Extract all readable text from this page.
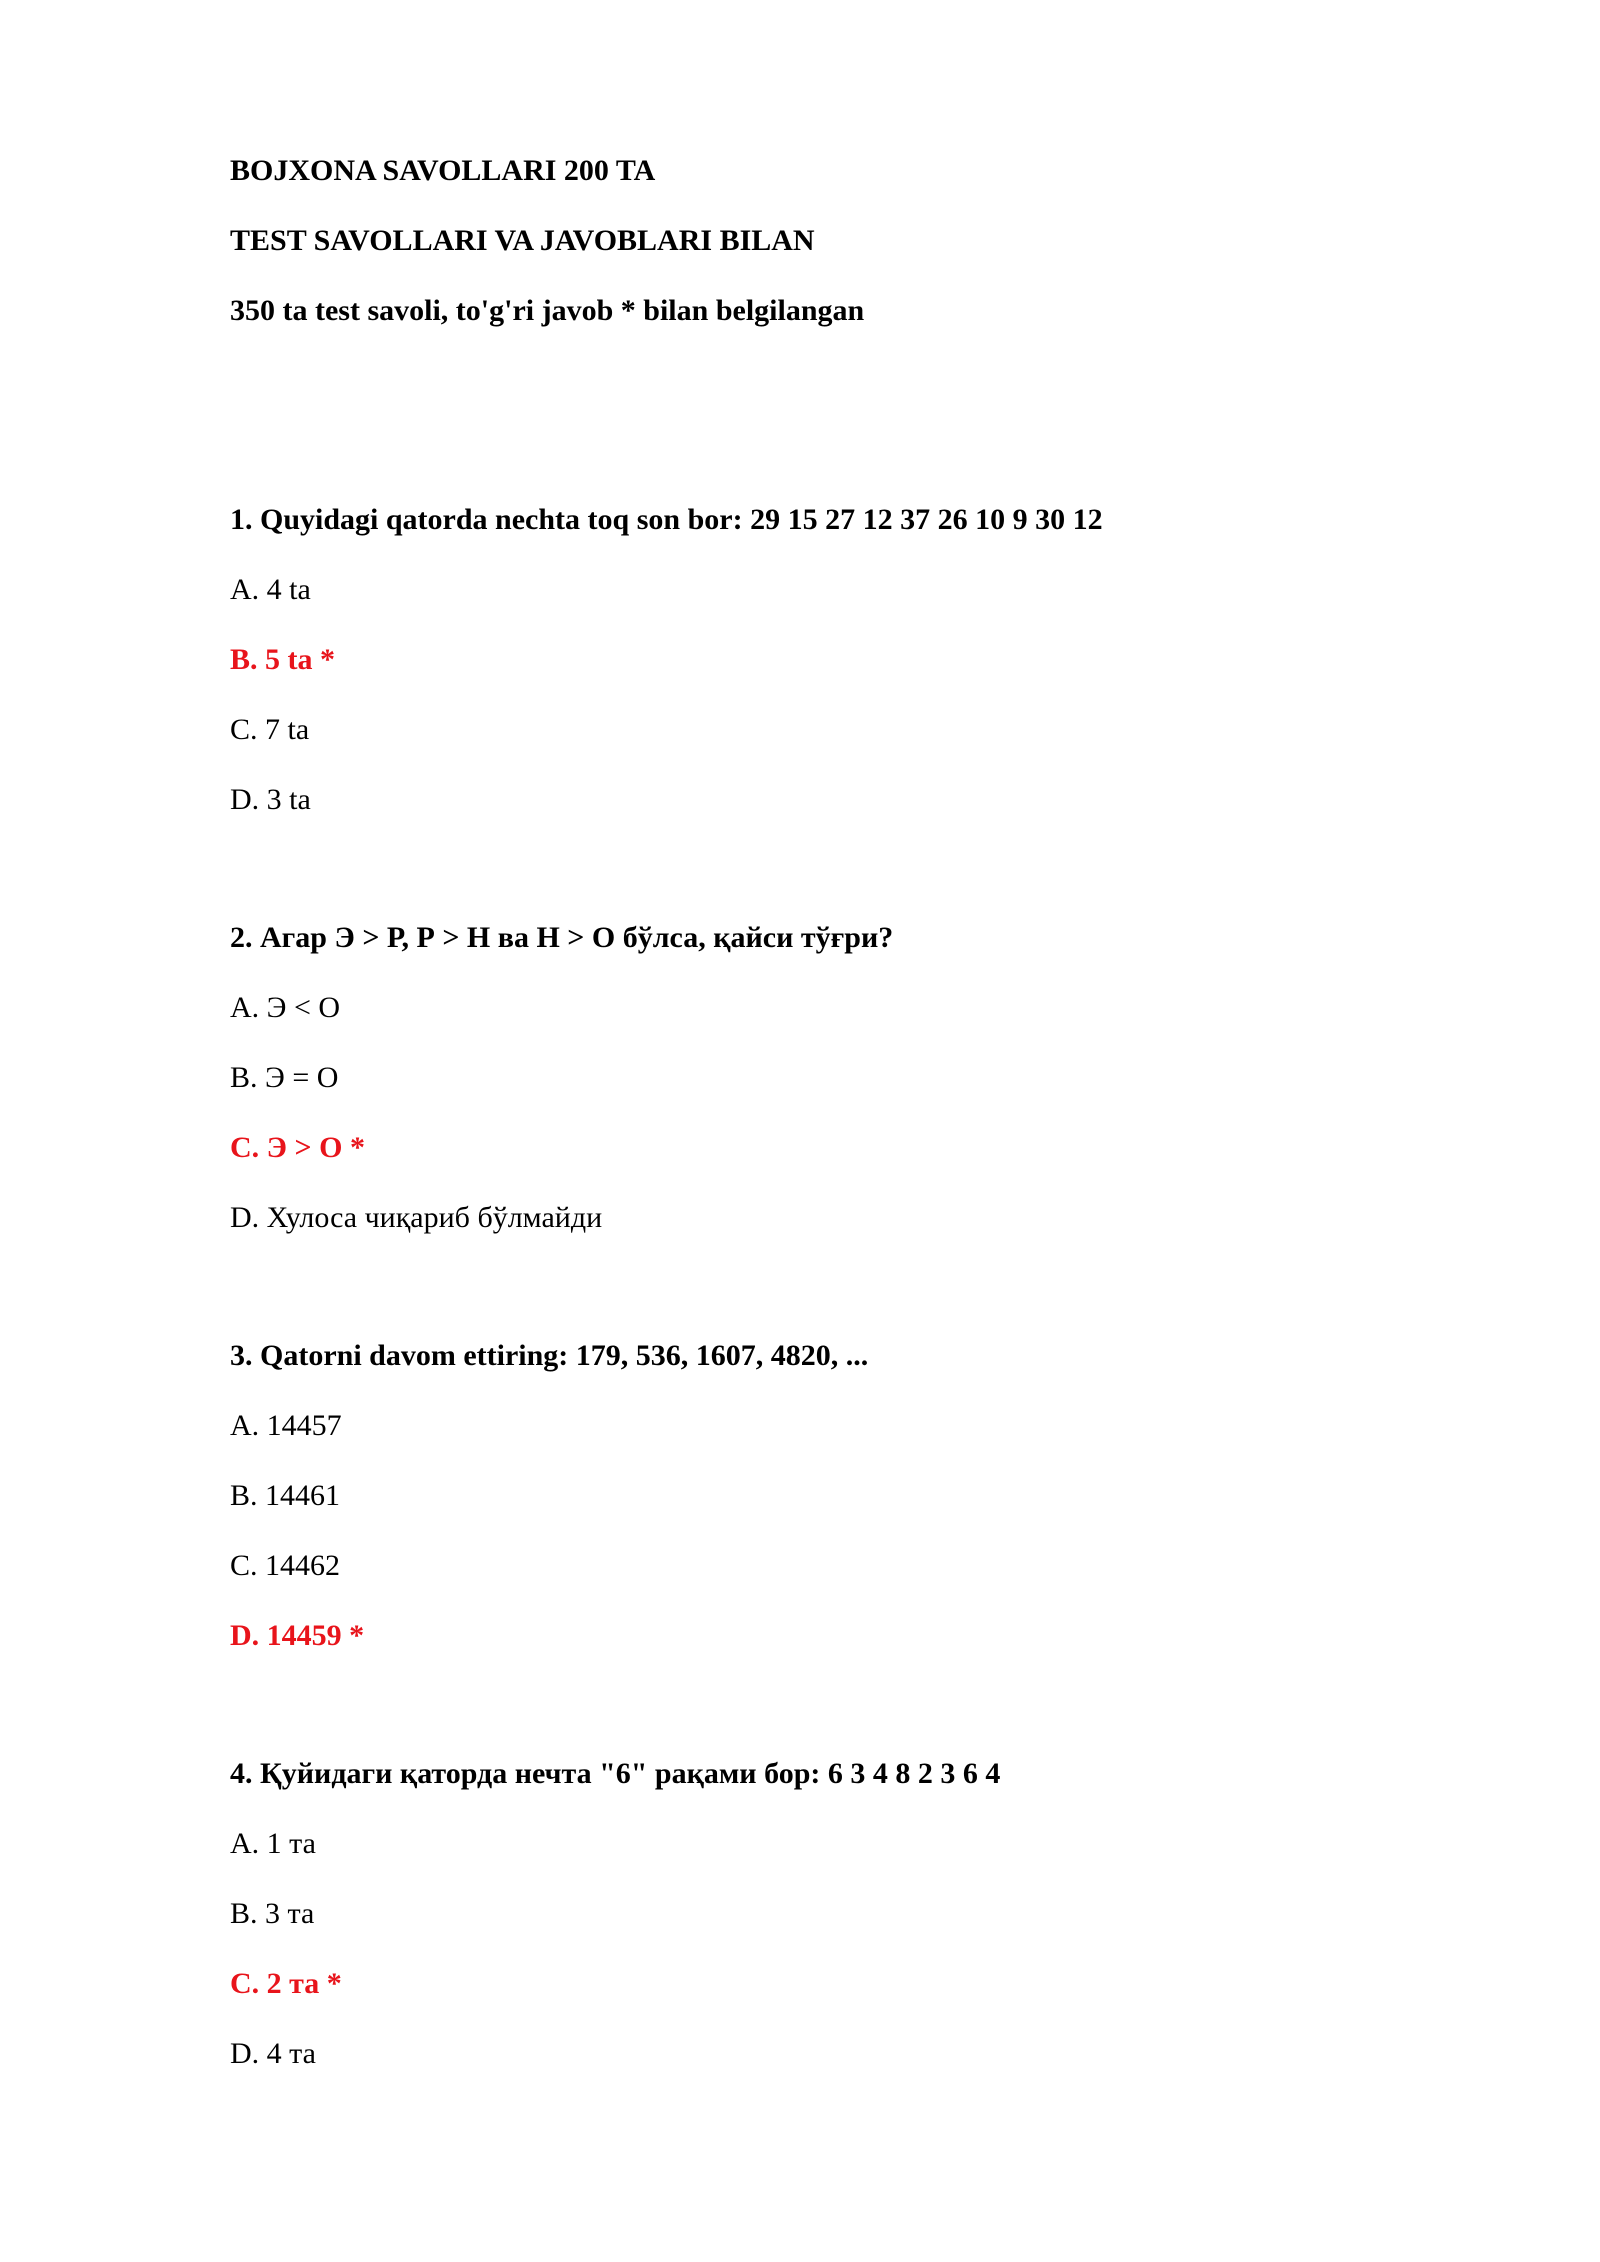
BOJXONA SAVOLLARI 200 TA
TEST SAVOLLARI VA JAVOBLARI BILAN
350 ta test savoli, to'g'ri javob * bilan belgilangan
1. Quyidagi qatorda nechta toq son bor: 29 15 27 12 37 26 10 9 30 12
A. 4 ta
B. 5 ta *
C. 7 ta
D. 3 ta
2. Агар Э > Р, Р > Н ва Н > О бўлса, қайси тўғри?
A. Э < О
B. Э = О
C. Э > О *
D. Хулоса чиқариб бўлмайди
3. Qatorni davom ettiring: 179, 536, 1607, 4820, ...
A. 14457
B. 14461
C. 14462
D. 14459 *
4. Қуйидаги қаторда нечта "6" рақами бор: 6 3 4 8 2 3 6 4
A. 1 та
B. 3 та
C. 2 та *
D. 4 та
